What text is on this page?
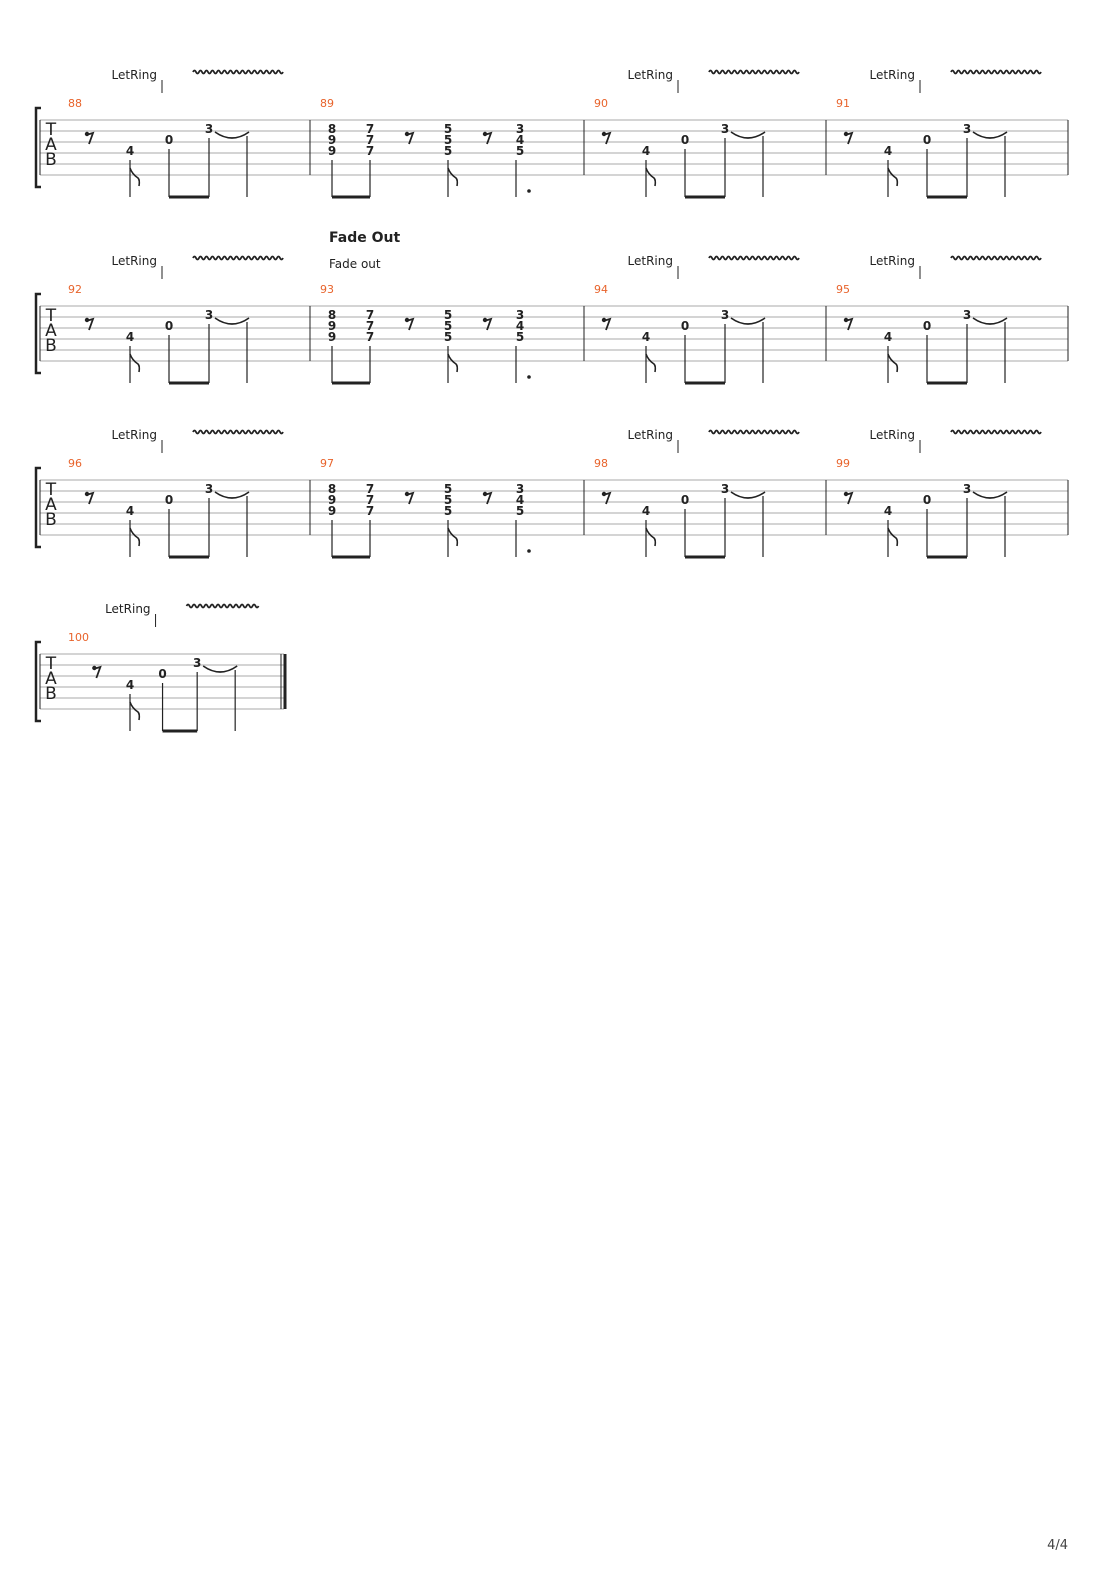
T
A
B
88
4
0
3
LetRing
89
8
9
9
7
7
7
5
5
5
3
4
5
90
4
0
3
LetRing
91
4
0
3
LetRing
T
A
B
Fade Out
Fade out
92
4
0
3
LetRing
93
8
9
9
7
7
7
5
5
5
3
4
5
94
4
0
3
LetRing
95
4
0
3
LetRing
T
A
B
96
4
0
3
LetRing
97
8
9
9
7
7
7
5
5
5
3
4
5
98
4
0
3
LetRing
99
4
0
3
LetRing
T
A
B
100
4
0
3
LetRing
4/4
